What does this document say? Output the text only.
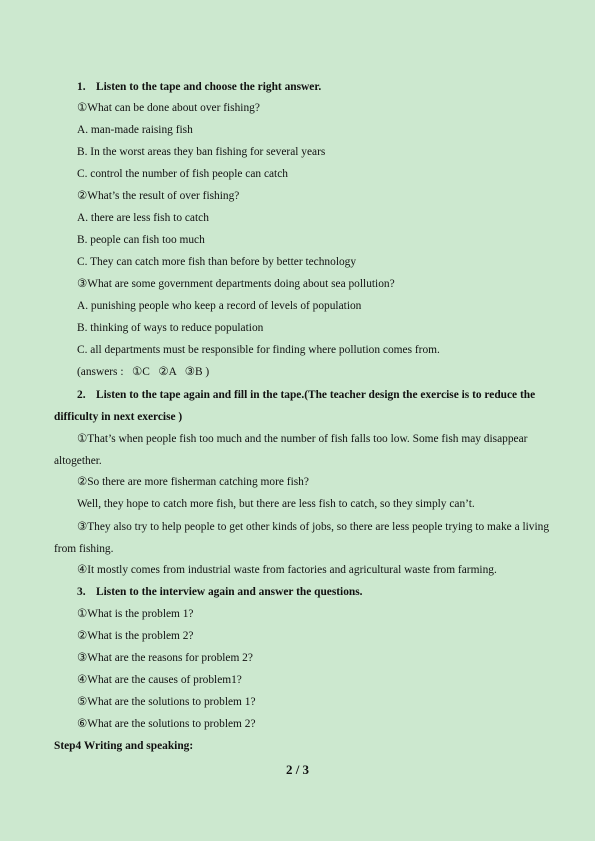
1. Listen to the tape and choose the right answer.
①What can be done about over fishing?
A. man-made raising fish
B. In the worst areas they ban fishing for several years
C. control the number of fish people can catch
②What’s the result of over fishing?
A. there are less fish to catch
B. people can fish too much
C. They can catch more fish than before by better technology
③What are some government departments doing about sea pollution?
A. punishing people who keep a record of levels of population
B. thinking of ways to reduce population
C. all departments must be responsible for finding where pollution comes from.
(answers :   ①C   ②A   ③B )
2. Listen to the tape again and fill in the tape.(The teacher design the exercise is to reduce the difficulty in next exercise )
①That’s when people fish too much and the number of fish falls too low. Some fish may disappear altogether.
②So there are more fisherman catching more fish?
Well, they hope to catch more fish, but there are less fish to catch, so they simply can’t.
③They also try to help people to get other kinds of jobs, so there are less people trying to make a living from fishing.
④It mostly comes from industrial waste from factories and agricultural waste from farming.
3. Listen to the interview again and answer the questions.
①What is the problem 1?
②What is the problem 2?
③What are the reasons for problem 2?
④What are the causes of problem1?
⑤What are the solutions to problem 1?
⑥What are the solutions to problem 2?
Step4 Writing and speaking:
2 / 3
